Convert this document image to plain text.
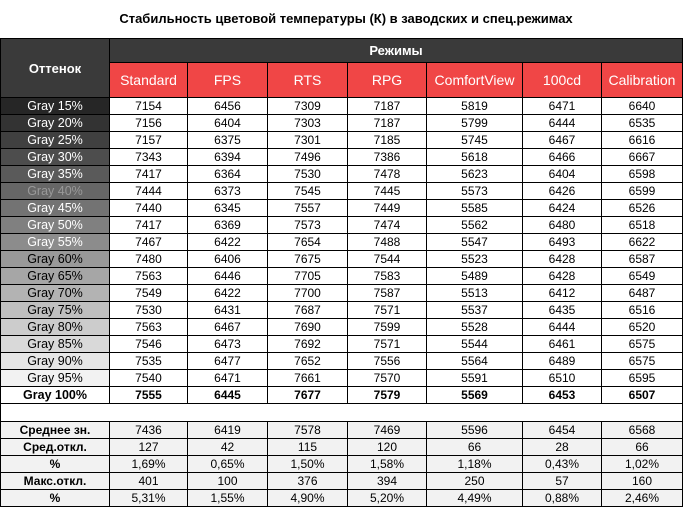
Стабильность цветовой температуры (К) в заводских и спец.режимах
Оттенок	Режимы						
	Standard	FPS	RTS	RPG	ComfortView	100cd	Calibration
Gray 15%	7154	6456	7309	7187	5819	6471	6640
Gray 20%	7156	6404	7303	7187	5799	6444	6535
Gray 25%	7157	6375	7301	7185	5745	6467	6616
Gray 30%	7343	6394	7496	7386	5618	6466	6667
Gray 35%	7417	6364	7530	7478	5623	6404	6598
Gray 40%	7444	6373	7545	7445	5573	6426	6599
Gray 45%	7440	6345	7557	7449	5585	6424	6526
Gray 50%	7417	6369	7573	7474	5562	6480	6518
Gray 55%	7467	6422	7654	7488	5547	6493	6622
Gray 60%	7480	6406	7675	7544	5523	6428	6587
Gray 65%	7563	6446	7705	7583	5489	6428	6549
Gray 70%	7549	6422	7700	7587	5513	6412	6487
Gray 75%	7530	6431	7687	7571	5537	6435	6516
Gray 80%	7563	6467	7690	7599	5528	6444	6520
Gray 85%	7546	6473	7692	7571	5544	6461	6575
Gray 90%	7535	6477	7652	7556	5564	6489	6575
Gray 95%	7540	6471	7661	7570	5591	6510	6595
Gray 100%	7555	6445	7677	7579	5569	6453	6507

Среднее зн.	7436	6419	7578	7469	5596	6454	6568
Сред.откл.	127	42	115	120	66	28	66
%	1,69%	0,65%	1,50%	1,58%	1,18%	0,43%	1,02%
Макс.откл.	401	100	376	394	250	57	160
%	5,31%	1,55%	4,90%	5,20%	4,49%	0,88%	2,46%
